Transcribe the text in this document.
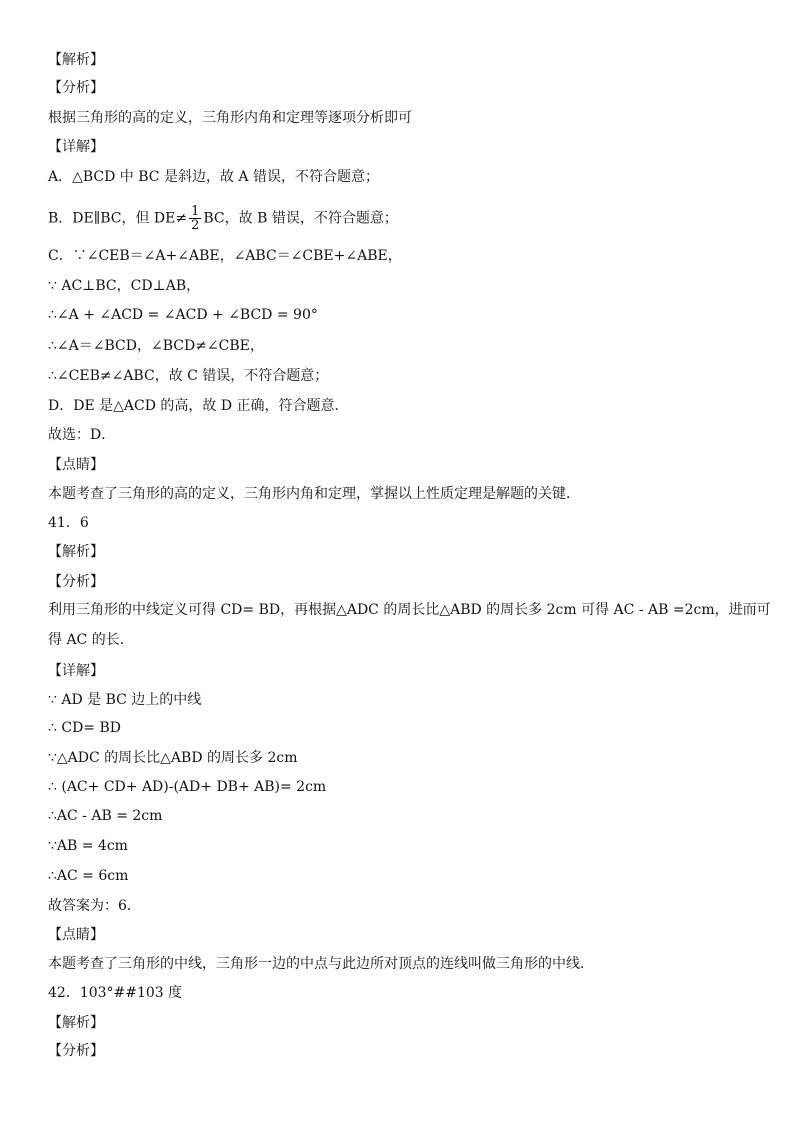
【解析】
【分析】
根据三角形的高的定义，三角形内角和定理等逐项分析即可
【详解】
A．△BCD 中 BC 是斜边，故 A 错误，不符合题意；
B．DE∥BC，但 $DE\ne \frac{1}{2}$ BC，故 B 错误，不符合题意；
C．∵∠CEB＝∠A+∠ABE，∠ABC＝∠CBE+∠ABE，
∵ AC⊥BC，CD⊥AB，
∴∠A + ∠ACD = ∠ACD + ∠BCD = 90°
∴∠A＝∠BCD，∠BCD≠∠CBE，
∴∠CEB≠∠ABC，故 C 错误，不符合题意；
D．DE 是△ACD 的高，故 D 正确，符合题意．
故选：D．
【点睛】
本题考查了三角形的高的定义，三角形内角和定理，掌握以上性质定理是解题的关键．
41．6
【解析】
【分析】
利用三角形的中线定义可得 CD= BD，再根据△ADC 的周长比△ABD 的周长多 2cm 可得 AC - AB =2cm，进而可
得 AC 的长．
【详解】
∵ AD 是 BC 边上的中线
∴ CD= BD
∵△ADC 的周长比△ABD 的周长多 2cm
∴ (AC+ CD+ AD)-(AD+ DB+ AB)= 2cm
∴AC - AB = 2cm
∵AB = 4cm
∴AC = 6cm
故答案为：6．
【点睛】
本题考查了三角形的中线，三角形一边的中点与此边所对顶点的连线叫做三角形的中线．
42．103°##103 度
【解析】
【分析】
